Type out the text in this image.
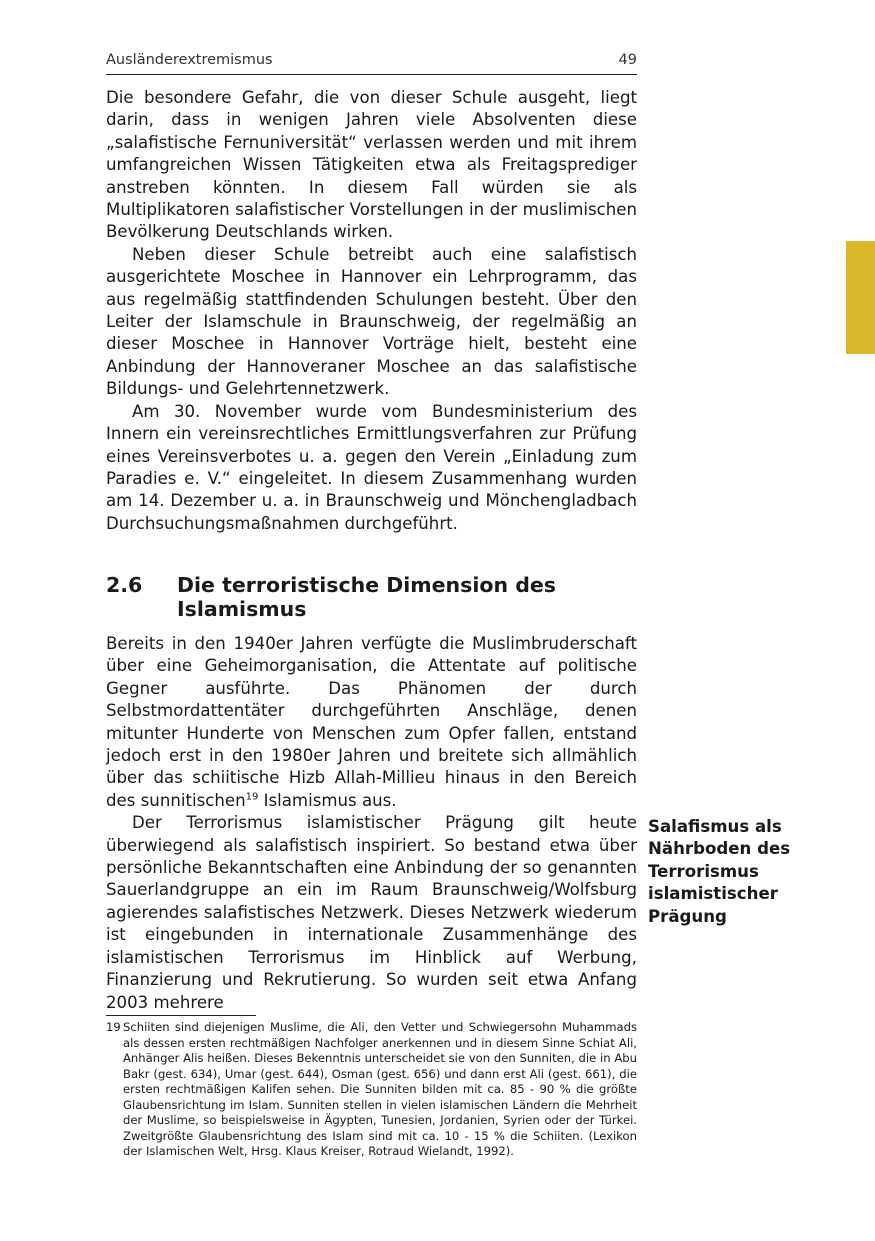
Ausländerextremismus	49

Die besondere Gefahr, die von dieser Schule ausgeht, liegt darin, dass in wenigen Jahren viele Absolventen diese „salafistische Fernuniversität“ verlassen werden und mit ihrem umfangreichen Wissen Tätigkeiten etwa als Freitagsprediger anstreben könnten. In diesem Fall würden sie als Multiplikatoren salafistischer Vorstellungen in der muslimischen Bevölkerung Deutschlands wirken.

Neben dieser Schule betreibt auch eine salafistisch ausgerichtete Moschee in Hannover ein Lehrprogramm, das aus regelmäßig stattfindenden Schulungen besteht. Über den Leiter der Islamschule in Braunschweig, der regelmäßig an dieser Moschee in Hannover Vorträge hielt, besteht eine Anbindung der Hannoveraner Moschee an das salafistische Bildungs- und Gelehrtennetzwerk.

Am 30. November wurde vom Bundesministerium des Innern ein vereinsrechtliches Ermittlungsverfahren zur Prüfung eines Vereinsverbotes u. a. gegen den Verein „Einladung zum Paradies e. V.“ eingeleitet. In diesem Zusammenhang wurden am 14. Dezember u. a. in Braunschweig und Mönchengladbach Durchsuchungsmaßnahmen durchgeführt.

2.6 Die terroristische Dimension des Islamismus

Bereits in den 1940er Jahren verfügte die Muslimbruderschaft über eine Geheimorganisation, die Attentate auf politische Gegner ausführte. Das Phänomen der durch Selbstmordattentäter durchgeführten Anschläge, denen mitunter Hunderte von Menschen zum Opfer fallen, entstand jedoch erst in den 1980er Jahren und breitete sich allmählich über das schiitische Hizb Allah-Millieu hinaus in den Bereich des sunnitischen$^{19}$ Islamismus aus.

Der Terrorismus islamistischer Prägung gilt heute überwiegend als salafistisch inspiriert. So bestand etwa über persönliche Bekanntschaften eine Anbindung der so genannten Sauerlandgruppe an ein im Raum Braunschweig/Wolfsburg agierendes salafistisches Netzwerk. Dieses Netzwerk wiederum ist eingebunden in internationale Zusammenhänge des islamistischen Terrorismus im Hinblick auf Werbung, Finanzierung und Rekrutierung. So wurden seit etwa Anfang 2003 mehrere

Salafismus als Nährboden des Terrorismus islamistischer Prägung
19 Schiiten sind diejenigen Muslime, die Ali, den Vetter und Schwiegersohn Muhammads als dessen ersten rechtmäßigen Nachfolger anerkennen und in diesem Sinne Schiat Ali, Anhänger Alis heißen. Dieses Bekenntnis unterscheidet sie von den Sunniten, die in Abu Bakr (gest. 634), Umar (gest. 644), Osman (gest. 656) und dann erst Ali (gest. 661), die ersten rechtmäßigen Kalifen sehen. Die Sunniten bilden mit ca. 85 - 90 % die größte Glaubensrichtung im Islam. Sunniten stellen in vielen islamischen Ländern die Mehrheit der Muslime, so beispielsweise in Ägypten, Tunesien, Jordanien, Syrien oder der Türkei. Zweitgrößte Glaubensrichtung des Islam sind mit ca. 10 - 15 % die Schiiten. (Lexikon der Islamischen Welt, Hrsg. Klaus Kreiser, Rotraud Wielandt, 1992).
